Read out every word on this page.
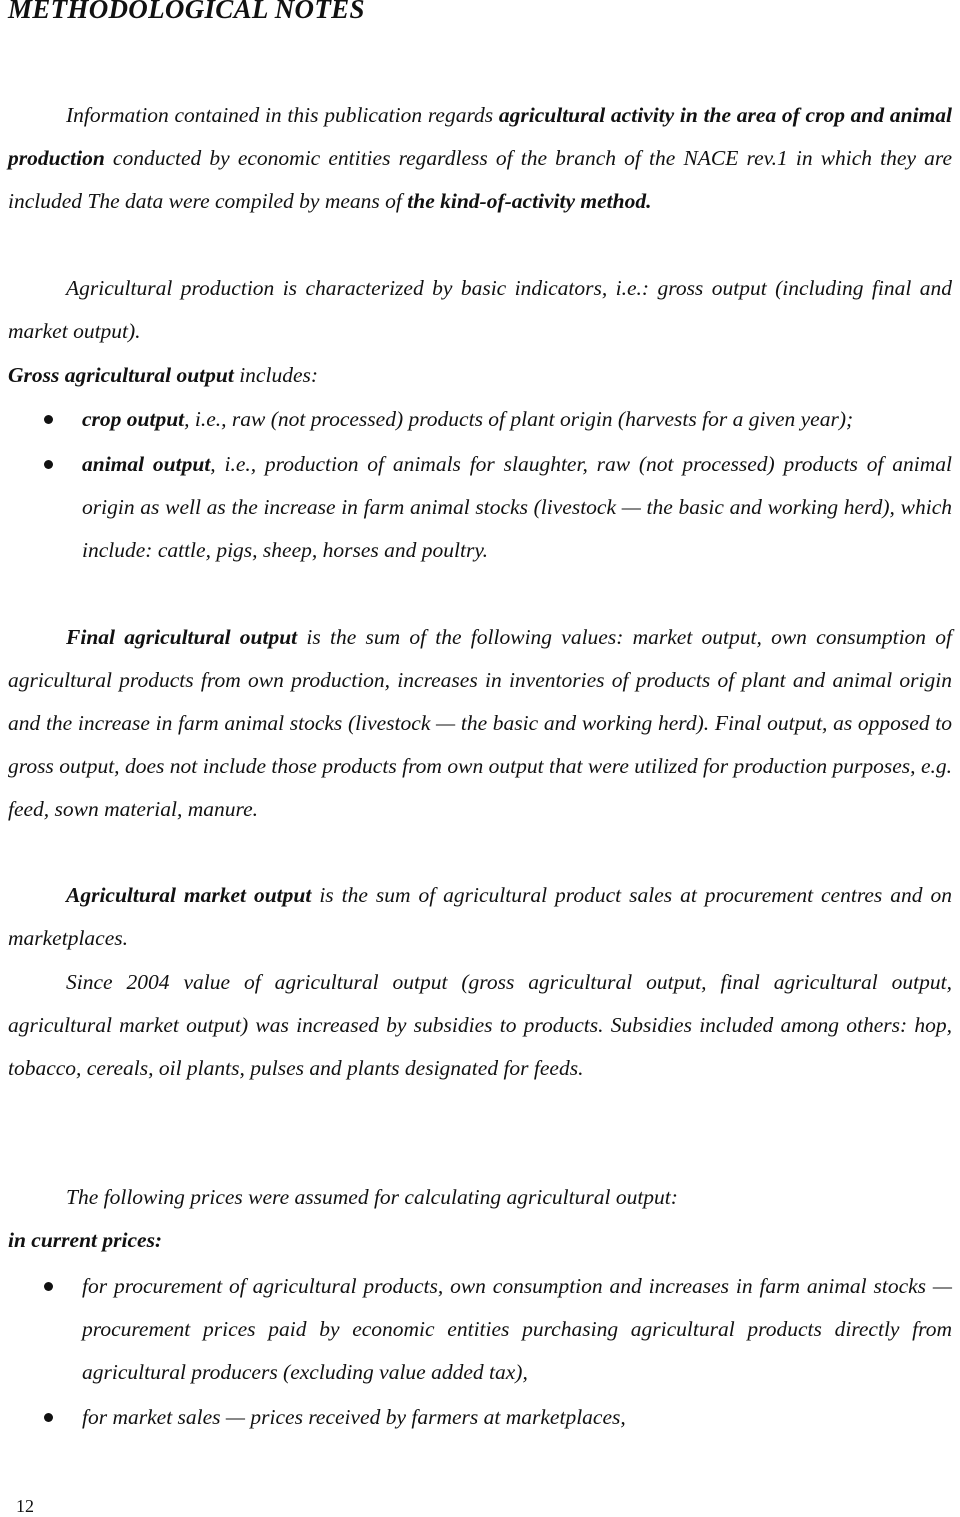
METHODOLOGICAL NOTES

Information contained in this publication regards agricultural activity in the area of crop and animal production conducted by economic entities regardless of the branch of the NACE rev.1 in which they are included The data were compiled by means of the kind-of-activity method.

Agricultural production is characterized by basic indicators, i.e.: gross output (including final and market output).

Gross agricultural output includes:

crop output, i.e., raw (not processed) products of plant origin (harvests for a given year);
animal output, i.e., production of animals for slaughter, raw (not processed) products of animal origin as well as the increase in farm animal stocks (livestock — the basic and working herd), which include: cattle, pigs, sheep, horses and poultry.

Final agricultural output is the sum of the following values: market output, own consumption of agricultural products from own production, increases in inventories of products of plant and animal origin and the increase in farm animal stocks (livestock — the basic and working herd). Final output, as opposed to gross output, does not include those products from own output that were utilized for production purposes, e.g. feed, sown material, manure.

Agricultural market output is the sum of agricultural product sales at procurement centres and on marketplaces.

Since 2004 value of agricultural output (gross agricultural output, final agricultural output, agricultural market output) was increased by subsidies to products. Subsidies included among others: hop, tobacco, cereals, oil plants, pulses and plants designated for feeds.

The following prices were assumed for calculating agricultural output:

in current prices:

for procurement of agricultural products, own consumption and increases in farm animal stocks — procurement prices paid by economic entities purchasing agricultural products directly from agricultural producers (excluding value added tax),
for market sales — prices received by farmers at marketplaces,
12
